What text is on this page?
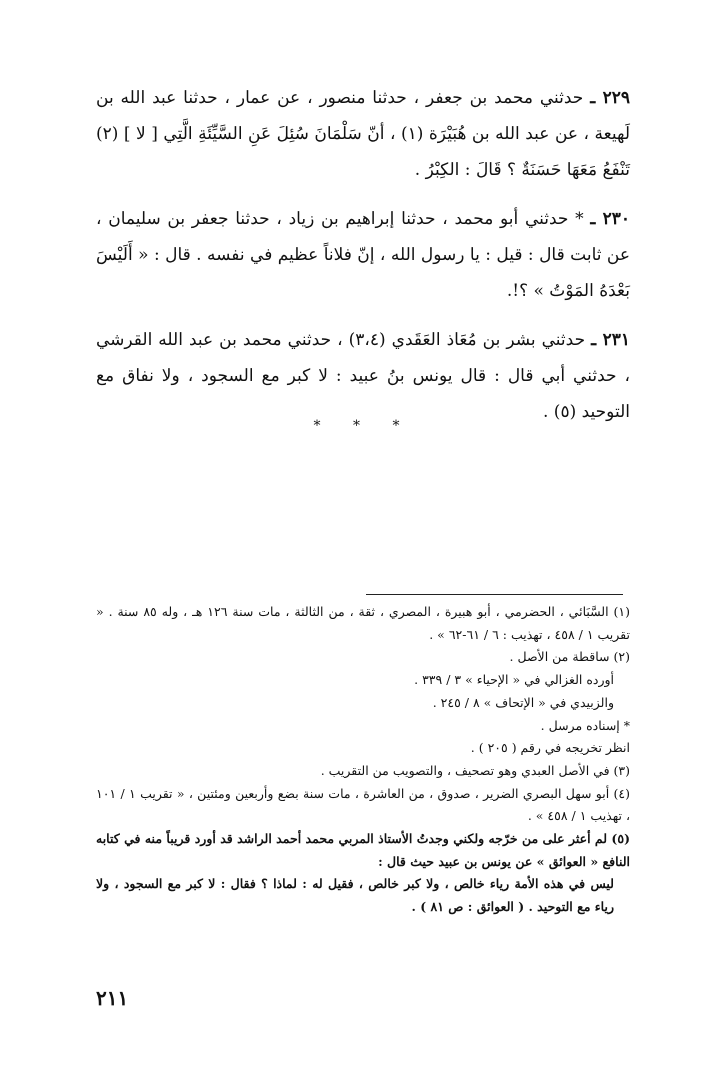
٢٢٩ ـ حدثني محمد بن جعفر ، حدثنا منصور ، عن عمار ، حدثنا عبد الله بن لَهيعة ، عن عبد الله بن هُبَيْرَة (١) ، أنّ سَلْمَانَ سُئِلَ عَنِ السَّيِّئَةِ الَّتِي [ لا ] (٢) تَنْفَعُ مَعَهَا حَسَنَةٌ ؟ قَالَ : الكِبْرُ .

٢٣٠ ـ * حدثني أبو محمد ، حدثنا إبراهيم بن زياد ، حدثنا جعفر بن سليمان ، عن ثابت قال : قيل : يا رسول الله ، إنّ فلاناً عظيم في نفسه . قال : « أَلَيْسَ بَعْدَهُ المَوْتُ » ؟!.

٢٣١ ـ حدثني بشر بن مُعَاذ العَقَدي (٣،٤) ، حدثني محمد بن عبد الله القرشي ، حدثني أبي قال : قال يونس بنُ عبيد : لا كبر مع السجود ، ولا نفاق مع التوحيد (٥) .

* * *

(١) السَّبَائي ، الحضرمي ، أبو هبيرة ، المصري ، ثقة ، من الثالثة ، مات سنة ١٢٦ هـ ، وله ٨٥ سنة . « تقريب ١ / ٤٥٨ ، تهذيب : ٦ / ٦١-٦٢ » .

(٢) ساقطة من الأصل .

أورده الغزالي في « الإحياء » ٣ / ٣٣٩ .

والزبيدي في « الإتحاف » ٨ / ٢٤٥ .

* إسناده مرسل .

انظر تخريجه في رقم ( ٢٠٥ ) .

(٣) في الأصل العبدي وهو تصحيف ، والتصويب من التقريب .

(٤) أبو سهل البصري الضرير ، صدوق ، من العاشرة ، مات سنة بضع وأربعين ومئتين ، « تقريب ١ / ١٠١ ، تهذيب ١ / ٤٥٨ » .

(٥) لم أعثر على من خرّجه ولكني وجدتُ الأستاذ المربي محمد أحمد الراشد قد أورد قريباً منه في كتابه النافع « العوائق » عن يونس بن عبيد حيث قال :

ليس في هذه الأمة رياء خالص ، ولا كبر خالص ، فقيل له : لماذا ؟ فقال : لا كبر مع السجود ، ولا رياء مع التوحيد . ( العوائق : ص ٨١ ) .

٢١١
